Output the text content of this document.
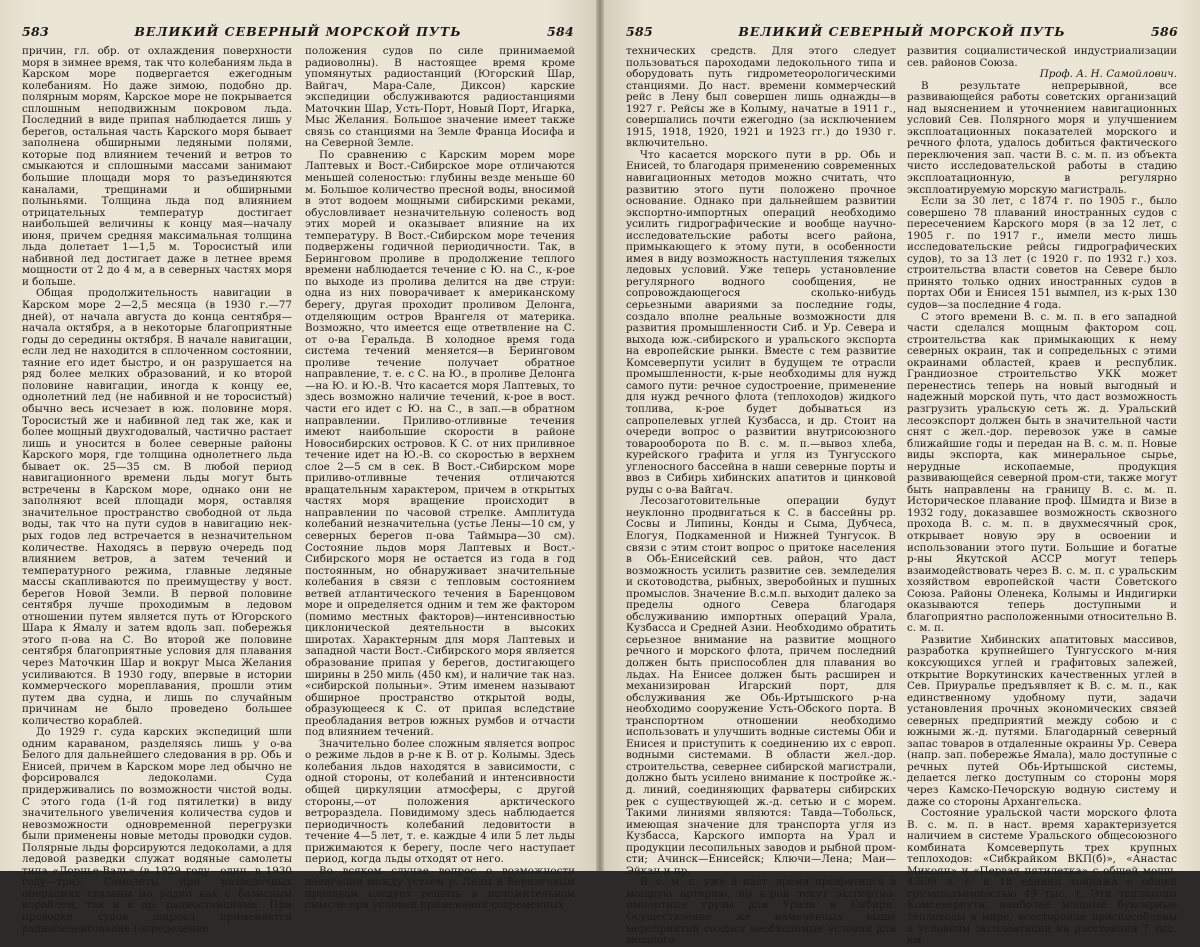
583	ВЕЛИКИЙ СЕВЕРНЫЙ МОРСКОЙ ПУТЬ	584

причин, гл. обр. от охлаждения поверхности моря в зимнее время, так что колебаниям льда в Карском море подвергается ежегодным колебаниям. Но даже зимою, подобно др. полярным морям, Карское море не покрывается сплошным неподвижным покровом льда. Последний в виде припая наблюдается лишь у берегов, остальная часть Карского моря бывает заполнена обширными ледяными полями, которые под влиянием течений и ветров то смыкаются и сплошными массами занимают большие площади моря то разъединяются каналами, трещинами и обширными полыньями. Толщина льда под влиянием отрицательных температур достигает наибольшей величины к концу мая—началу июня, причем средняя максимальная толщина льда долетает 1—1,5 м. Торосистый или набивной лед достигает даже в летнее время мощности от 2 до 4 м, а в северных частях моря и больше.

Общая продолжительность навигации в Карском море 2—2,5 месяца (в 1930 г.—77 дней), от начала августа до конца сентября—начала октября, а в некоторые благоприятные годы до середины октября. В начале навигации, если лед не находится в сплоченном состоянии, таяние его идет быстро, и он разрушается на ряд более мелких образований, и ко второй половине навигации, иногда к концу ее, однолетний лед (не набивной и не торосистый) обычно весь исчезает в юж. половине моря. Торосистый же и набивной лед так же, как и более мощный двухгодовалый, частично растает лишь и уносится в более северные районы Карского моря, где толщина однолетнего льда бывает ок. 25—35 см. В любой период навигационного времени льды могут быть встречены в Карском море, однако они не заполняют всей площади моря, оставляя значительное пространство свободной от льда воды, так что на пути судов в навигацию нек-рых годов лед встречается в незначительном количестве. Находясь в первую очередь под влиянием ветров, а затем течений и температурного режима, главные ледяные массы скапливаются по преимуществу у вост. берегов Новой Земли. В первой половине сентября лучше проходимым в ледовом отношении путем является путь от Югорского Шара к Ямалу и затем вдоль зап. побережья этого п-ова на С. Во второй же половине сентября благоприятные условия для плавания через Маточкин Шар и вокруг Мыса Желания усиливаются. В 1930 году, впервые в истории коммерческого мореплавания, прошли этим путем два судна, и лишь по случайным причинам не было проведено большее количество кораблей.

До 1929 г. суда карских экспедиций шли одним караваном, разделяясь лишь у о-ва Белого для дальнейшего следования в рр. Обь и Енисей, причем в Карском море лед обычно не форсировался ледоколами. Суда придерживались по возможности чистой воды. С этого года (1-й год пятилетки) в виду значительного увеличения количества судов и невозможности одновременной перегрузки были применены новые методы проводки судов. Полярные льды форсируются ледоколами, а для ледовой разведки служат водяные самолеты типа «Дорнье-Валь» (в 1929 году—один, в 1930 году—три). Самолеты при разведочных операциях связаны по радио как с базисным кораблем, так и с др. радиостанциями. При проводке судов широко применяется радиопеленгование (определение

положения судов по силе принимаемой радиоволны). В настоящее время кроме упомянутых радиостанций (Югорский Шар, Вайгач, Мара-Сале, Диксон) карские экспедиции обслуживаются радиостанциями Маточкин Шар, Усть-Порт, Новый Порт, Игарка, Мыс Желания. Большое значение имеет также связь со станциями на Земле Франца Иосифа и на Северной Земле.

По сравнению с Карским морем море Лаптевых и Вост.-Сибирское море отличаются меньшей соленостью: глубины везде меньше 60 м. Большое количество пресной воды, вносимой в этот водоем мощными сибирскими реками, обусловливает незначительную соленость вод этих морей и оказывает влияние на их температуру. В Вост.-Сибирском море течения подвержены годичной периодичности. Так, в Беринговом проливе в продолжение теплого времени наблюдается течение с Ю. на С., к-рое по выходе из пролива делится на две струи: одна из них поворачивает к американскому берегу, другая проходит проливом Делонга, отделяющим остров Врангеля от материка. Возможно, что имеется еще ответвление на С. от о-ва Геральда. В холодное время года система течений меняется—в Беринговом проливе течение получает обратное направление, т. е. с С. на Ю., в проливе Делонга—на Ю. и Ю.-В. Что касается моря Лаптевых, то здесь возможно наличие течений, к-рое в вост. части его идет с Ю. на С., в зап.—в обратном направлении. Приливо-отливные течения имеют наибольшие скорости в районе Новосибирских островов. К С. от них приливное течение идет на Ю.-В. со скоростью в верхнем слое 2—5 см в сек. В Вост.-Сибирском море приливо-отливные течения отличаются вращательным характером, причем в открытых частях моря вращение происходит в направлении по часовой стрелке. Амплитуда колебаний незначительна (устье Лены—10 см, у северных берегов п-ова Таймыра—30 см). Состояние льдов моря Лаптевых и Вост.-Сибирского моря не остается из года в год постоянным, но обнаруживает значительные колебания в связи с тепловым состоянием ветвей атлантического течения в Баренцовом море и определяется одним и тем же фактором (помимо местных факторов)—интенсивностью циклонической деятельности в высоких широтах. Характерным для моря Лаптевых и западной части Вост.-Сибирского моря является образование припая у берегов, достигающего ширины в 250 миль (450 км), и наличие так наз. «сибирской полыньи». Этим именем называют обширное пространство открытой воды, образующееся к С. от припая вследствие преобладания ветров южных румбов и отчасти под влиянием течений.

Значительно более сложным является вопрос о режиме льдов в р-не к В. от р. Колымы. Здесь колебания льдов находятся в зависимости, с одной стороны, от колебаний и интенсивности общей циркуляции атмосферы, с другой стороны,—от положения арктического ветрораздела. Повидимому здесь наблюдается периодичность колебаний ледовитости в течение 4—5 лет, т. е. каждые 4 или 5 лет льды прижимаются к берегу, после чего наступает период, когда льды отходят от него.

Во всяком случае вопрос о возможности навигации между устьем р. Лены и Беринговым проливом следует решить в положительном смысле при условии применения современных

585	ВЕЛИКИЙ СЕВЕРНЫЙ МОРСКОЙ ПУТЬ	586

технических средств. Для этого следует пользоваться пароходами ледокольного типа и оборудовать путь гидрометеорологическими станциями. До наст. времени коммерческий рейс в Лену был совершен лишь однажды—в 1927 г. Рейсы же в Колыму, начатые в 1911 г., совершались почти ежегодно (за исключением 1915, 1918, 1920, 1921 и 1923 гг.) до 1930 г. включительно.

Что касается морского пути в рр. Обь и Енисей, то благодаря применению современных навигационных методов можно считать, что развитию этого пути положено прочное основание. Однако при дальнейшем развитии экспортно-импортных операций необходимо усилить гидрографические и вообще научно-исследовательские работы всего района, примыкающего к этому пути, в особенности имея в виду возможность наступления тяжелых ледовых условий. Уже теперь установление регулярного водного сообщения, не сопровождающегося сколько-нибудь серьезными авариями за последние годы, создало вполне реальные возможности для развития промышленности Сиб. и Ур. Севера и выхода юж.-сибирского и уральского экспорта на европейские рынки. Вместе с тем развитие Комсеверпути усилит в будущем те отрасли промышленности, к-рые необходимы для нужд самого пути: речное судостроение, применение для нужд речного флота (теплоходов) жидкого топлива, к-рое будет добываться из сапропелевых углей Кузбасса, и др. Стоит на очереди вопрос о развитии внутрисоюзного товарооборота по В. с. м. п.—вывоз хлеба, курейского графита и угля из Тунгусского угленосного бассейна в наши северные порты и ввоз в Сибирь хибинских апатитов и цинковой руды с о-ва Вайгач.

Лесозаготовительные операции будут неуклонно продвигаться к С. в бассейны рр. Сосвы и Липины, Конды и Сыма, Дубчеса, Елогуя, Подкаменной и Нижней Тунгусок. В связи с этим стоит вопрос о притоке населения в Обь-Енисейский сев. район, что даст возможность усилить развитие сев. земледелия и скотоводства, рыбных, зверобойных и пушных промыслов. Значение В.с.м.п. выходит далеко за пределы одного Севера благодаря обслуживанию импортных операций Урала, Кузбасса и Средней Азии. Необходимо обратить серьезное внимание на развитие мощного речного и морского флота, причем последний должен быть приспособлен для плавания во льдах. На Енисее должен быть расширен и механизирован Игарский порт, для обслуживания же Обь-Иртышского р-на необходимо сооружение Усть-Обского порта. В транспортном отношении необходимо использовать и улучшить водные системы Оби и Енисея и приступить к соединению их с европ. водными системами. В области жел.-дор. строительства, севернее сибирской магистрали, должно быть усилено внимание к постройке ж.-д. линий, соединяющих фарватеры сибирских рек с существующей ж.-д. сетью и с морем. Такими линиями являются: Тавда—Тобольск, имеющая значение для транспорта угля из Кузбасса, Карского импорта на Урал и продукции лесопильных заводов и рыбной пром-сти; Ачинск—Енисейск; Ключи—Лена; Маи—Эйкан и пр.

В. с. м. п. уже в наст. время превратился в мощную артерию, по к-рой текут экспортно-импортные грузы для Урала и Сибири. Осуществление же намеченных выше мероприятий создаст необходимые условия для мощного

развития социалистической индустриализации сев. районов Союза.

Проф. А. Н. Самойлович.

В результате непрерывной, все развивающейся работы советских организаций над выяснением и уточнением навигационных условий Сев. Полярного моря и улучшением эксплоатационных показателей морского и речного флота, удалось добиться фактического переключения зап. части В. с. м. п. из объекта чисто исследовательской работы в стадию эксплоатационную, в регулярно эксплоатируемую морскую магистраль.

Если за 30 лет, с 1874 г. по 1905 г., было совершено 78 плаваний иностранных судов с пересечением Карского моря (в за 12 лет, с 1905 г. по 1917 г., имели место лишь исследовательские рейсы гидрографических судов), то за 13 лет (с 1920 г. по 1932 г.) хоз. строительства власти советов на Севере было принято только одних иностранных судов в портах Оби и Енисея 151 вымпел, из к-рых 130 судов—за последние 4 года.

С этого времени В. с. м. п. в его западной части сделался мощным фактором соц. строительства как примыкающих к нему северных окраин, так и сопредельных с этими окраинами областей, краев и республик. Грандиозное строительство УКК может перенестись теперь на новый выгодный и надежный морской путь, что даст возможность разгрузить уральскую сеть ж. д. Уральский лесоэкспорт должен быть в значительной части снят с жел.-дор. перевозок уже в самые ближайшие годы и передан на В. с. м. п. Новые виды экспорта, как минеральное сырье, нерудные ископаемые, продукция развивающейся северной пром-сти, также могут быть направлены на границу В. с. м. п. Историческое плавание проф. Шмидта и Визе в 1932 году, доказавшее возможность сквозного прохода В. с. м. п. в двухмесячный срок, открывает новую эру в освоении и использовании этого пути. Большие и богатые р-ны Якутской АССР могут теперь взаимодействовать через В. с. м. п. с уральским хозяйством европейской части Советского Союза. Районы Оленека, Колымы и Индигирки оказываются теперь доступными и благоприятно расположенными относительно В. с. м. п.

Развитие Хибинских апатитовых массивов, разработка крупнейшего Тунгусского м-ния коксующихся углей и графитовых залежей, открытие Воркутинских качественных углей в Сев. Приуралье предъявляет к В. с. м. п., как единственному удобному пути, задачи установления прочных экономических связей северных предприятий между собою и с южными ж.-д. путями. Благодарный северный запас товаров в отдаленные окраины Ур. Севера (напр. зап. побережье Ямала), мало доступные с речных путей Обь-Иртышской системы, делается легко доступным со стороны моря через Камско-Печорскую водную систему и даже со стороны Архангельска.

Состояние уральской части морского флота В. с. м. п. в наст. время характеризуется наличием в системе Уральского общесоюзного комбината Комсеверпуть трех крупных теплоходов: «Сибкрайком ВКП(б)», «Анастас Микоян» и «Первая пятилетка» с общей мощн. 4.500 л. с. и 18 единиц тоннажа с общей грузоподъемностью 49 тыс. т. Эти теплоходы Комсеверпути, наиболее мощные буксирные теплоходы в мире, всесторонне приспособлены к условиям эксплоатации на расстоянии 7 тыс. км
